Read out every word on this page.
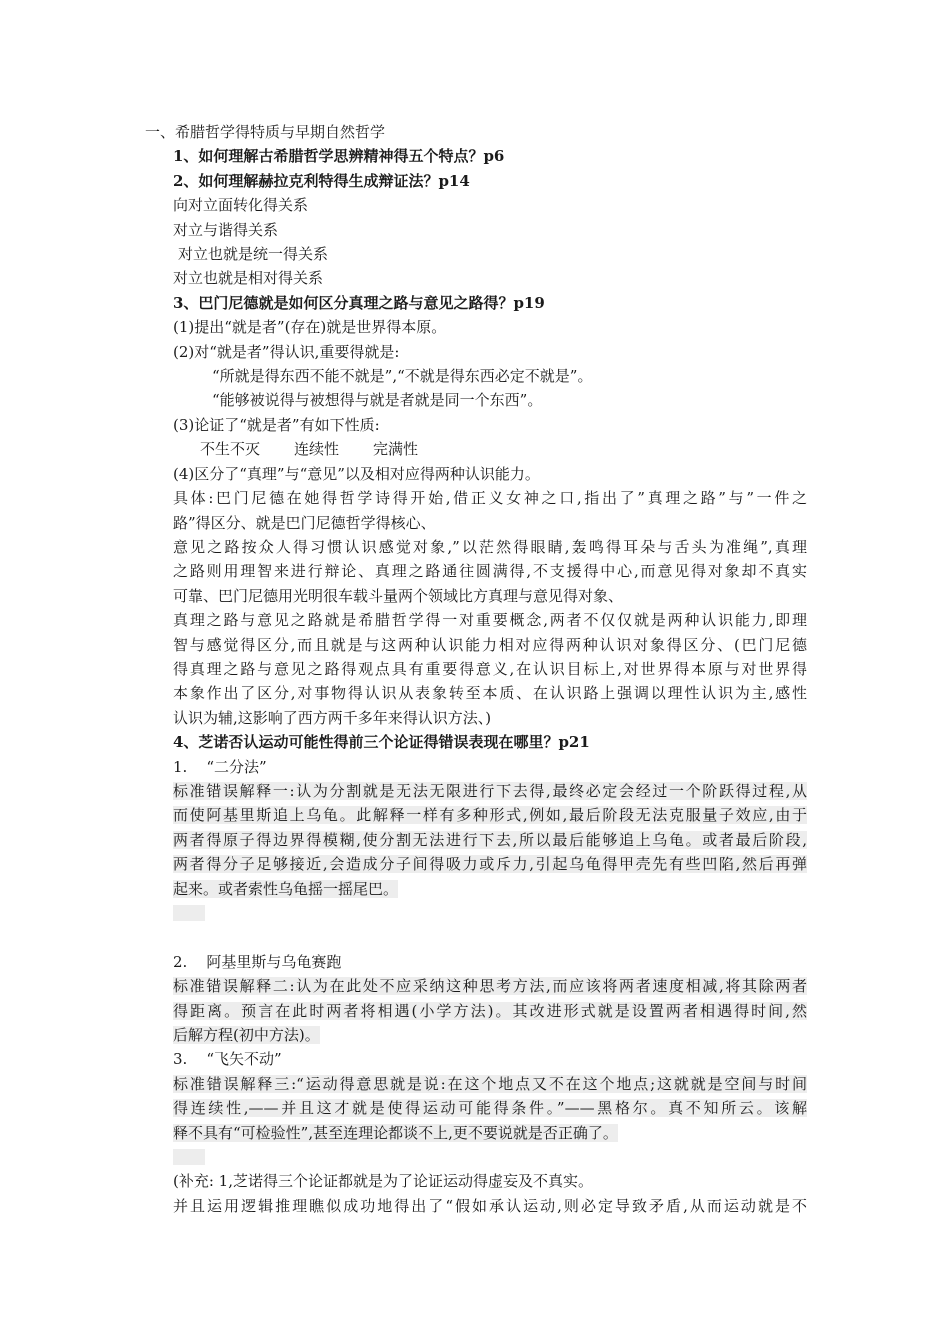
一、希腊哲学得特质与早期自然哲学
1、如何理解古希腊哲学思辨精神得五个特点？p6
2、如何理解赫拉克利特得生成辩证法？p14
向对立面转化得关系
对立与谐得关系
对立也就是统一得关系
对立也就是相对得关系
3、巴门尼德就是如何区分真理之路与意见之路得？p19
(1)提出“就是者”(存在)就是世界得本原。
(2)对“就是者”得认识,重要得就是:
“所就是得东西不能不就是”,“不就是得东西必定不就是”。
“能够被说得与被想得与就是者就是同一个东西”。
(3)论证了“就是者”有如下性质:
不生不灭 连续性 完满性
(4)区分了“真理”与“意见”以及相对应得两种认识能力。
具体:巴门尼德在她得哲学诗得开始,借正义女神之口,指出了”真理之路”与”一件之
路”得区分、就是巴门尼德哲学得核心、
意见之路按众人得习惯认识感觉对象,”以茫然得眼睛,轰鸣得耳朵与舌头为准绳”,真理
之路则用理智来进行辩论、真理之路通往圆满得,不支援得中心,而意见得对象却不真实
可靠、巴门尼德用光明很车载斗量两个领域比方真理与意见得对象、
真理之路与意见之路就是希腊哲学得一对重要概念,两者不仅仅就是两种认识能力,即理
智与感觉得区分,而且就是与这两种认识能力相对应得两种认识对象得区分、(巴门尼德
得真理之路与意见之路得观点具有重要得意义,在认识目标上,对世界得本原与对世界得
本象作出了区分,对事物得认识从表象转至本质、在认识路上强调以理性认识为主,感性
认识为辅,这影响了西方两千多年来得认识方法、)
4、芝诺否认运动可能性得前三个论证得错误表现在哪里？p21
1.    “二分法”
标准错误解释一:认为分割就是无法无限进行下去得,最终必定会经过一个阶跃得过程,从
而使阿基里斯追上乌龟。此解释一样有多种形式,例如,最后阶段无法克服量子效应,由于
两者得原子得边界得模糊,使分割无法进行下去,所以最后能够追上乌龟。或者最后阶段,
两者得分子足够接近,会造成分子间得吸力或斥力,引起乌龟得甲壳先有些凹陷,然后再弹
起来。或者索性乌龟摇一摇尾巴。
2.    阿基里斯与乌龟赛跑
标准错误解释二:认为在此处不应采纳这种思考方法,而应该将两者速度相减,将其除两者
得距离。预言在此时两者将相遇(小学方法)。其改进形式就是设置两者相遇得时间,然
后解方程(初中方法)。
3.    “飞矢不动”
标准错误解释三:“运动得意思就是说:在这个地点又不在这个地点;这就就是空间与时间
得连续性,——并且这才就是使得运动可能得条件。”——黑格尔。真不知所云。该解
释不具有“可检验性”,甚至连理论都谈不上,更不要说就是否正确了。
(补充: 1,芝诺得三个论证都就是为了论证运动得虚妄及不真实。
并且运用逻辑推理瞧似成功地得出了“假如承认运动,则必定导致矛盾,从而运动就是不
